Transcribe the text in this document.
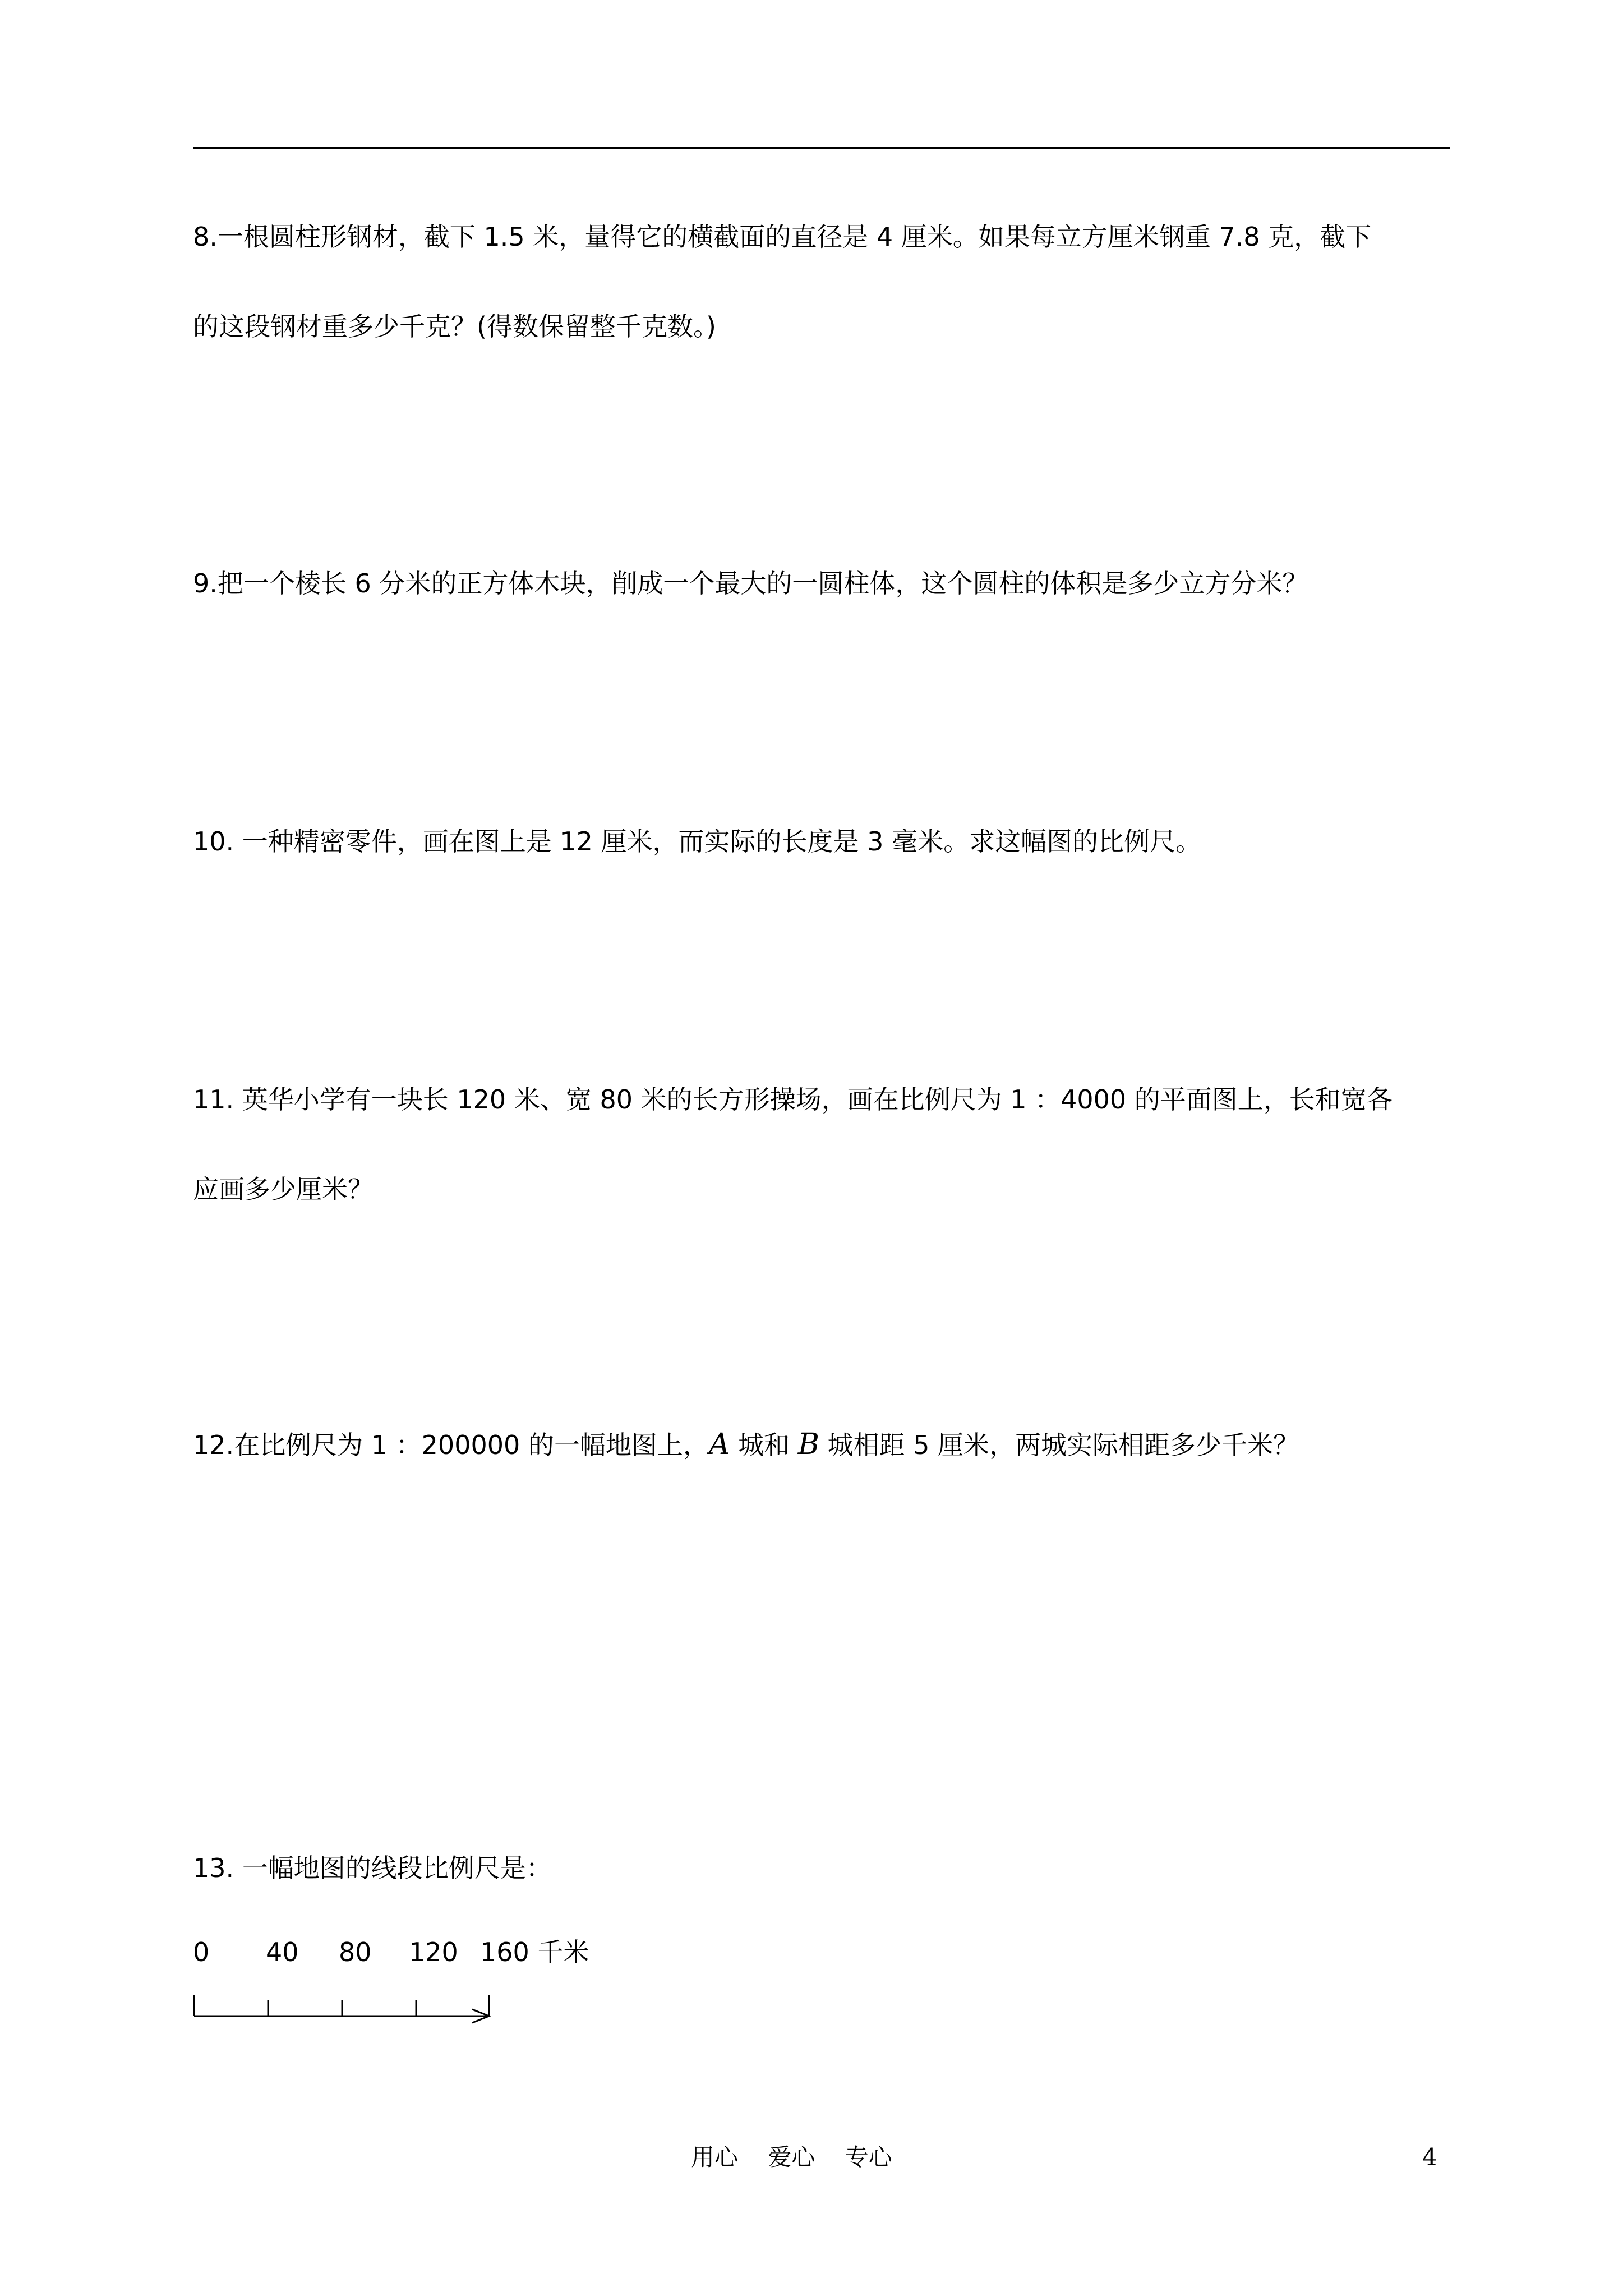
8.一根圆柱形钢材，截下 1.5 米，量得它的横截面的直径是 4 厘米。如果每立方厘米钢重 7.8 克，截下

的这段钢材重多少千克？(得数保留整千克数。)

9.把一个棱长 6 分米的正方体木块，削成一个最大的一圆柱体，这个圆柱的体积是多少立方分米？

10. 一种精密零件，画在图上是 12 厘米，而实际的长度是 3 毫米。求这幅图的比例尺。

11. 英华小学有一块长 120 米、宽 80 米的长方形操场，画在比例尺为 1 ：4000 的平面图上，长和宽各

应画多少厘米？

12.在比例尺为 1 ：200000 的一幅地图上，A 城和 B 城相距 5 厘米，两城实际相距多少千米？

13. 一幅地图的线段比例尺是：

0 40 80 120 160 千米

用心    爱心    专心	4
